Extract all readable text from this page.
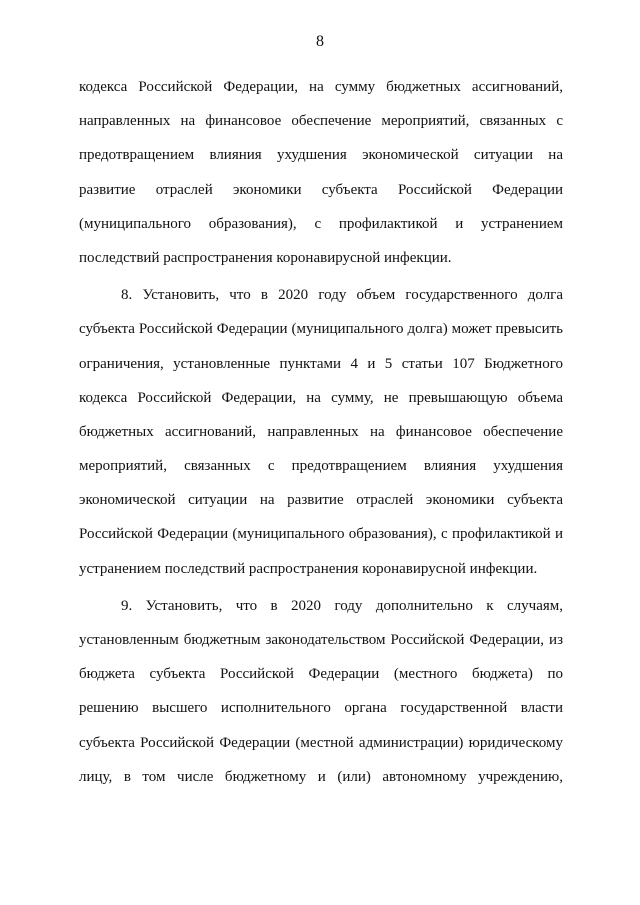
8
кодекса Российской Федерации, на сумму бюджетных ассигнований,
направленных на финансовое обеспечение мероприятий, связанных с
предотвращением влияния ухудшения экономической ситуации на
развитие отраслей экономики субъекта Российской Федерации
(муниципального образования), с профилактикой и устранением
последствий распространения коронавирусной инфекции.
8. Установить, что в 2020 году объем государственного долга
субъекта Российской Федерации (муниципального долга) может превысить
ограничения, установленные пунктами 4 и 5 статьи 107 Бюджетного
кодекса Российской Федерации, на сумму, не превышающую объема
бюджетных ассигнований, направленных на финансовое обеспечение
мероприятий, связанных с предотвращением влияния ухудшения
экономической ситуации на развитие отраслей экономики субъекта
Российской Федерации (муниципального образования), с профилактикой и
устранением последствий распространения коронавирусной инфекции.
9. Установить, что в 2020 году дополнительно к случаям,
установленным бюджетным законодательством Российской Федерации, из
бюджета субъекта Российской Федерации (местного бюджета) по
решению высшего исполнительного органа государственной власти
субъекта Российской Федерации (местной администрации) юридическому
лицу, в том числе бюджетному и (или) автономному учреждению,
